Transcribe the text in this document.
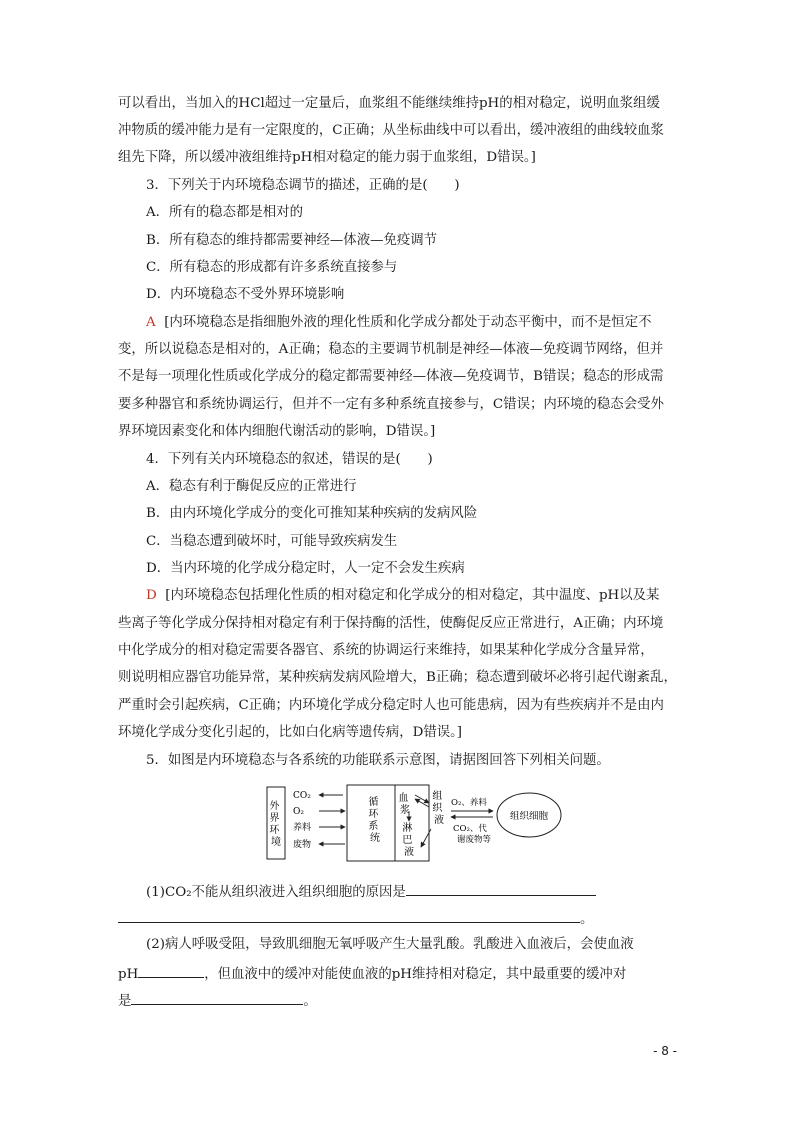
可以看出，当加入的HCl超过一定量后，血浆组不能继续维持pH的相对稳定，说明血浆组缓
冲物质的缓冲能力是有一定限度的，C正确；从坐标曲线中可以看出，缓冲液组的曲线较血浆
组先下降，所以缓冲液组维持pH相对稳定的能力弱于血浆组，D错误。]
3．下列关于内环境稳态调节的描述，正确的是(　　)
A．所有的稳态都是相对的
B．所有稳态的维持都需要神经—体液—免疫调节
C．所有稳态的形成都有许多系统直接参与
D．内环境稳态不受外界环境影响
A [内环境稳态是指细胞外液的理化性质和化学成分都处于动态平衡中，而不是恒定不
变，所以说稳态是相对的，A正确；稳态的主要调节机制是神经—体液—免疫调节网络，但并
不是每一项理化性质或化学成分的稳定都需要神经—体液—免疫调节，B错误；稳态的形成需
要多种器官和系统协调运行，但并不一定有多种系统直接参与，C错误；内环境的稳态会受外
界环境因素变化和体内细胞代谢活动的影响，D错误。]
4．下列有关内环境稳态的叙述，错误的是(　　)
A．稳态有利于酶促反应的正常进行
B．由内环境化学成分的变化可推知某种疾病的发病风险
C．当稳态遭到破坏时，可能导致疾病发生
D．当内环境的化学成分稳定时，人一定不会发生疾病
D [内环境稳态包括理化性质的相对稳定和化学成分的相对稳定，其中温度、pH以及某
些离子等化学成分保持相对稳定有利于保持酶的活性，使酶促反应正常进行，A正确；内环境
中化学成分的相对稳定需要各器官、系统的协调运行来维持，如果某种化学成分含量异常，
则说明相应器官功能异常，某种疾病发病风险增大，B正确；稳态遭到破坏必将引起代谢紊乱，
严重时会引起疾病，C正确；内环境化学成分稳定时人也可能患病，因为有些疾病并不是由内
环境化学成分变化引起的，比如白化病等遗传病，D错误。]
5．如图是内环境稳态与各系统的功能联系示意图，请据图回答下列相关问题。
外 界 环 境
CO₂
O₂
养料
废物
循 环 系 统
血 浆
淋 巴 液
组 织 液
O₂、养料
CO₂、代
谢废物等
组织细胞
(1)CO₂不能从组织液进入组织细胞的原因是
。
(2)病人呼吸受阻，导致肌细胞无氧呼吸产生大量乳酸。乳酸进入血液后，会使血液
pH	，但血液中的缓冲对能使血液的pH维持相对稳定，其中最重要的缓冲对
是	。
- 8 -
